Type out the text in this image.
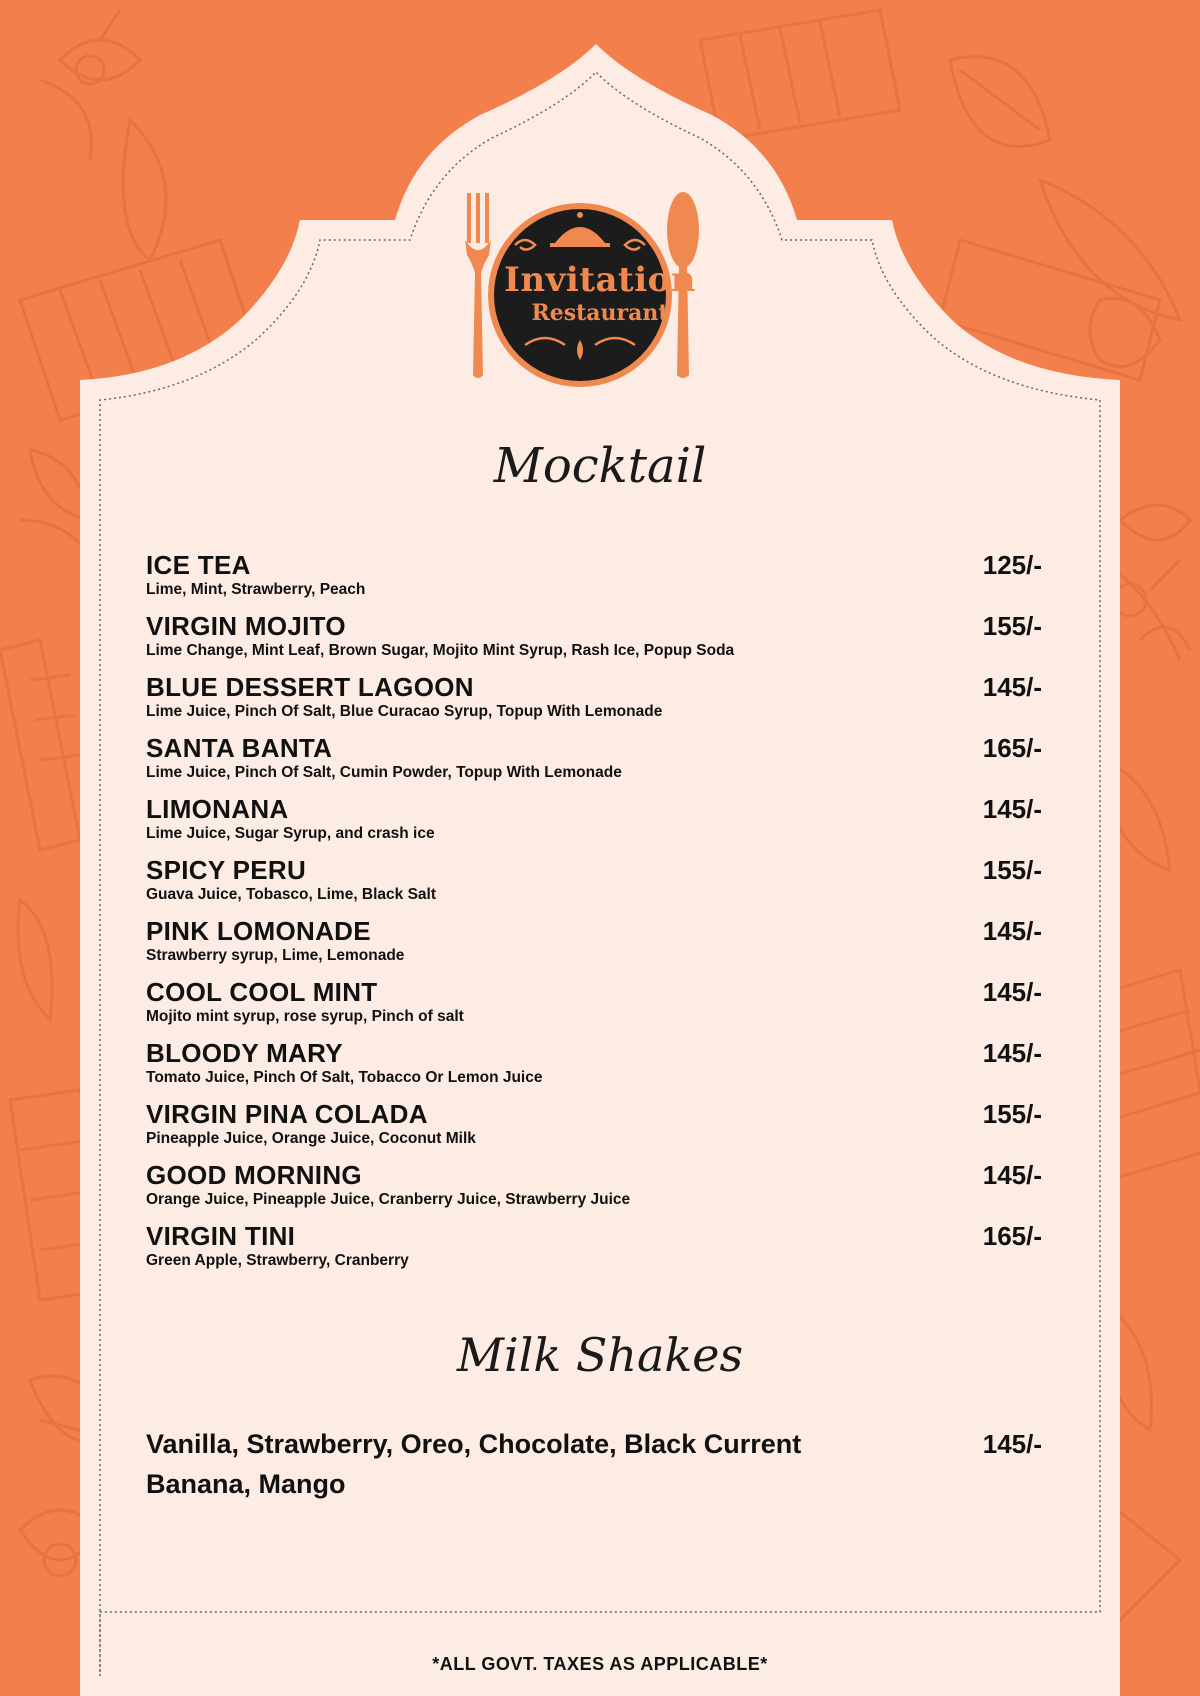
Invitation
Restaurant
Mocktail
ICE TEA
Lime, Mint, Strawberry, Peach
125/-
VIRGIN MOJITO
Lime Change, Mint Leaf, Brown Sugar, Mojito Mint Syrup, Rash Ice, Popup Soda
155/-
BLUE DESSERT LAGOON
Lime Juice, Pinch Of Salt, Blue Curacao Syrup, Topup With Lemonade
145/-
SANTA BANTA
Lime Juice, Pinch Of Salt, Cumin Powder, Topup With Lemonade
165/-
LIMONANA
Lime Juice, Sugar Syrup, and crash ice
145/-
SPICY PERU
Guava Juice, Tobasco, Lime, Black Salt
155/-
PINK LOMONADE
Strawberry syrup, Lime, Lemonade
145/-
COOL COOL MINT
Mojito mint syrup, rose syrup, Pinch of salt
145/-
BLOODY MARY
Tomato Juice, Pinch Of Salt, Tobacco Or Lemon Juice
145/-
VIRGIN PINA COLADA
Pineapple Juice, Orange Juice, Coconut Milk
155/-
GOOD MORNING
Orange Juice, Pineapple Juice, Cranberry Juice, Strawberry Juice
145/-
VIRGIN TINI
Green Apple, Strawberry, Cranberry
165/-
Milk Shakes
Vanilla, Strawberry, Oreo, Chocolate, Black Current
Banana, Mango
145/-
*ALL GOVT. TAXES AS APPLICABLE*
